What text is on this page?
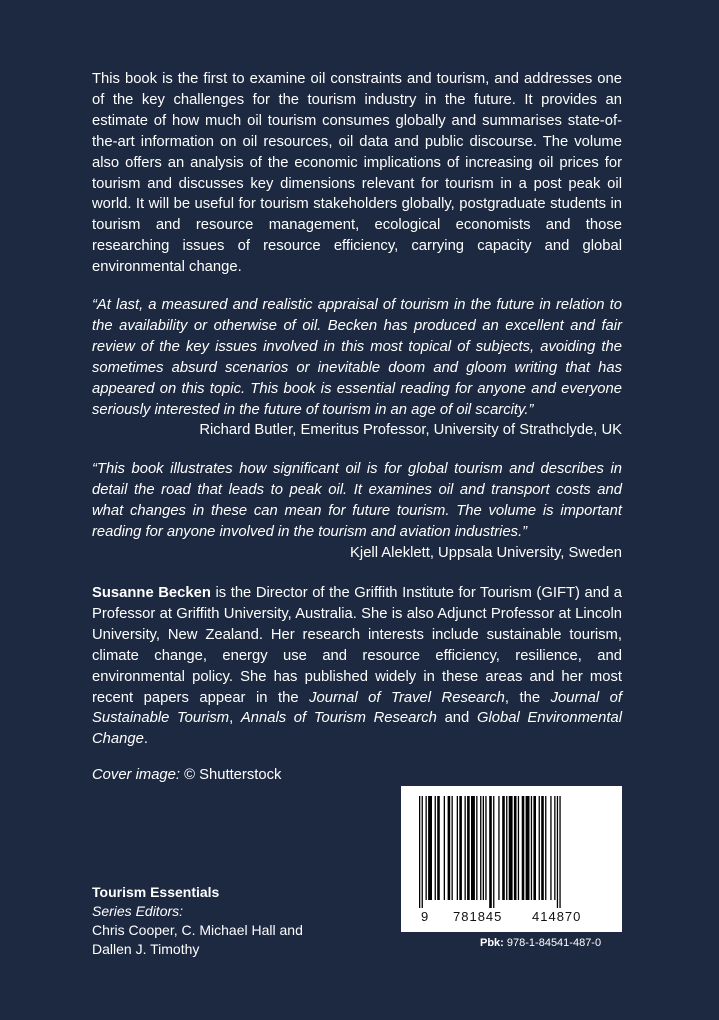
This book is the first to examine oil constraints and tourism, and addresses one of the key challenges for the tourism industry in the future. It provides an estimate of how much oil tourism consumes globally and summarises state-of-the-art information on oil resources, oil data and public discourse. The volume also offers an analysis of the economic implications of increasing oil prices for tourism and discusses key dimensions relevant for tourism in a post peak oil world. It will be useful for tourism stakeholders globally, postgraduate students in tourism and resource management, ecological economists and those researching issues of resource efficiency, carrying capacity and global environmental change.

“At last, a measured and realistic appraisal of tourism in the future in relation to the availability or otherwise of oil. Becken has produced an excellent and fair review of the key issues involved in this most topical of subjects, avoiding the sometimes absurd scenarios or inevitable doom and gloom writing that has appeared on this topic. This book is essential reading for anyone and everyone seriously interested in the future of tourism in an age of oil scarcity.”

Richard Butler, Emeritus Professor, University of Strathclyde, UK

“This book illustrates how significant oil is for global tourism and describes in detail the road that leads to peak oil. It examines oil and transport costs and what changes in these can mean for future tourism. The volume is important reading for anyone involved in the tourism and aviation industries.”

Kjell Aleklett, Uppsala University, Sweden

Susanne Becken is the Director of the Griffith Institute for Tourism (GIFT) and a Professor at Griffith University, Australia. She is also Adjunct Professor at Lincoln University, New Zealand. Her research interests include sustainable tourism, climate change, energy use and resource efficiency, resilience, and environmental policy. She has published widely in these areas and her most recent papers appear in the Journal of Travel Research, the Journal of Sustainable Tourism, Annals of Tourism Research and Global Environmental Change.

Cover image: © Shutterstock
Tourism Essentials
Series Editors:
Chris Cooper, C. Michael Hall and
Dallen J. Timothy
9 781845 414870
Pbk: 978-1-84541-487-0
